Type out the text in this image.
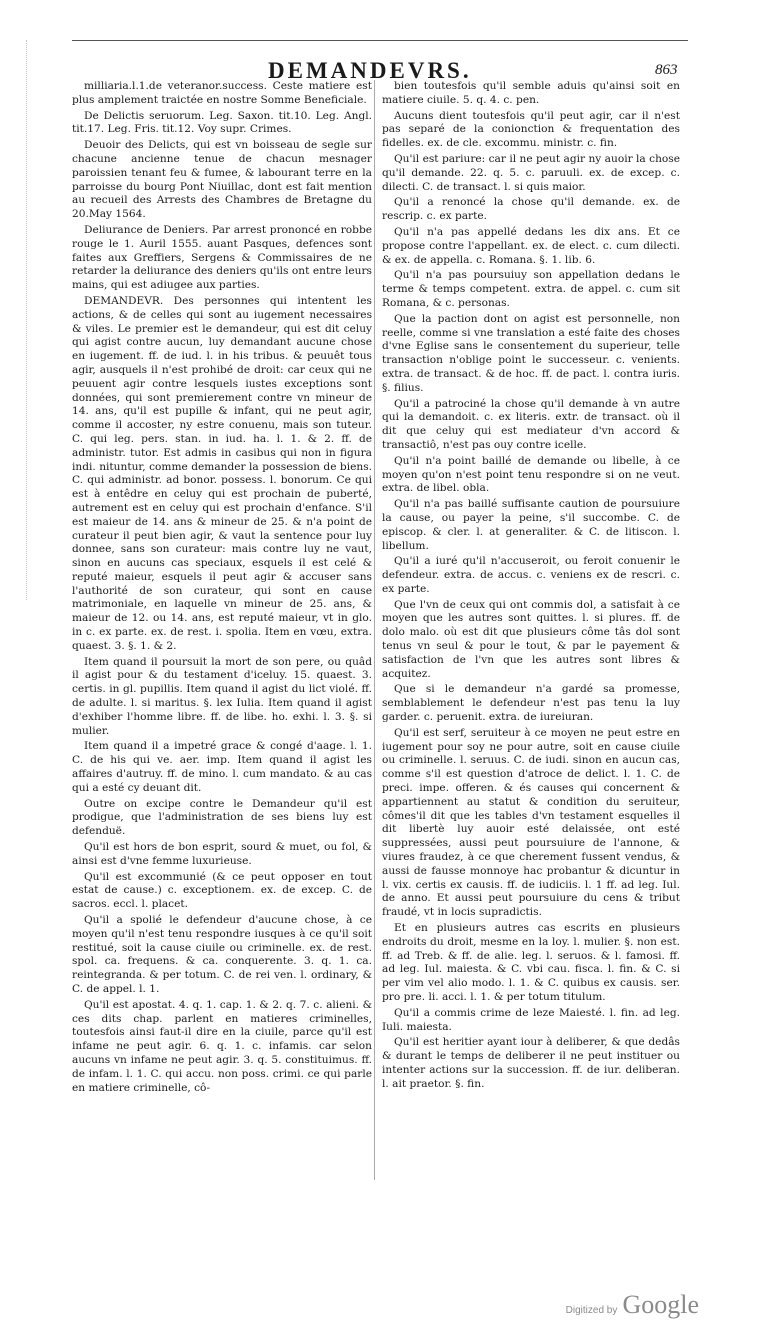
DEMANDEVRS.	863

milliaria.l.1.de veteranor.success. Ceste matiere est plus amplement traictée en nostre Somme Beneficiale.

De Delictis seruorum. Leg. Saxon. tit.10. Leg. Angl. tit.17. Leg. Fris. tit.12. Voy supr. Crimes.

Deuoir des Delicts, qui est vn boisseau de segle sur chacune ancienne tenue de chacun mesnager paroissien tenant feu & fumee, & labourant terre en la parroisse du bourg Pont Niuillac, dont est fait mention au recueil des Arrests des Chambres de Bretagne du 20.May 1564.

Deliurance de Deniers. Par arrest prononcé en robbe rouge le 1. Auril 1555. auant Pasques, defences sont faites aux Greffiers, Sergens & Commissaires de ne retarder la deliurance des deniers qu'ils ont entre leurs mains, qui est adiugee aux parties.

DEMANDEVR. Des personnes qui intentent les actions, & de celles qui sont au iugement necessaires & viles. Le premier est le demandeur, qui est dit celuy qui agist contre aucun, luy demandant aucune chose en iugement. ff. de iud. l. in his tribus. & peuuêt tous agir, ausquels il n'est prohibé de droit: car ceux qui ne peuuent agir contre lesquels iustes exceptions sont données, qui sont premierement contre vn mineur de 14. ans, qu'il est pupille & infant, qui ne peut agir, comme il accoster, ny estre conuenu, mais son tuteur. C. qui leg. pers. stan. in iud. ha. l. 1. & 2. ff. de administr. tutor. Est admis in casibus qui non in figura indi. nituntur, comme demander la possession de biens. C. qui administr. ad bonor. possess. l. bonorum. Ce qui est à entêdre en celuy qui est prochain de puberté, autrement est en celuy qui est prochain d'enfance. S'il est maieur de 14. ans & mineur de 25. & n'a point de curateur il peut bien agir, & vaut la sentence pour luy donnee, sans son curateur: mais contre luy ne vaut, sinon en aucuns cas speciaux, esquels il est celé & reputé maieur, esquels il peut agir & accuser sans l'authorité de son curateur, qui sont en cause matrimoniale, en laquelle vn mineur de 25. ans, & maieur de 12. ou 14. ans, est reputé maieur, vt in glo. in c. ex parte. ex. de rest. i. spolia. Item en vœu, extra. quaest. 3. §. 1. & 2.

Item quand il poursuit la mort de son pere, ou quâd il agist pour & du testament d'iceluy. 15. quaest. 3. certis. in gl. pupillis. Item quand il agist du lict violé. ff. de adulte. l. si maritus. §. lex Iulia. Item quand il agist d'exhiber l'homme libre. ff. de libe. ho. exhi. l. 3. §. si mulier.

Item quand il a impetré grace & congé d'aage. l. 1. C. de his qui ve. aer. imp. Item quand il agist les affaires d'autruy. ff. de mino. l. cum mandato. & au cas qui a esté cy deuant dit.

Outre on excipe contre le Demandeur qu'il est prodigue, que l'administration de ses biens luy est defenduë.

Qu'il est hors de bon esprit, sourd & muet, ou fol, & ainsi est d'vne femme luxurieuse.

Qu'il est excommunié (& ce peut opposer en tout estat de cause.) c. exceptionem. ex. de excep. C. de sacros. eccl. l. placet.

Qu'il a spolié le defendeur d'aucune chose, à ce moyen qu'il n'est tenu respondre iusques à ce qu'il soit restitué, soit la cause ciuile ou criminelle. ex. de rest. spol. ca. frequens. & ca. conquerente. 3. q. 1. ca. reintegranda. & per totum. C. de rei ven. l. ordinary, & C. de appel. l. 1.

Qu'il est apostat. 4. q. 1. cap. 1. & 2. q. 7. c. alieni. & ces dits chap. parlent en matieres criminelles, toutesfois ainsi faut-il dire en la ciuile, parce qu'il est infame ne peut agir. 6. q. 1. c. infamis. car selon aucuns vn infame ne peut agir. 3. q. 5. constituimus. ff. de infam. l. 1. C. qui accu. non poss. crimi. ce qui parle en matiere criminelle, cô-

bien toutesfois qu'il semble aduis qu'ainsi soit en matiere ciuile. 5. q. 4. c. pen.

Aucuns dient toutesfois qu'il peut agir, car il n'est pas separé de la conionction & frequentation des fidelles. ex. de cle. excommu. ministr. c. fin.

Qu'il est pariure: car il ne peut agir ny auoir la chose qu'il demande. 22. q. 5. c. paruuli. ex. de excep. c. dilecti. C. de transact. l. si quis maior.

Qu'il a renoncé la chose qu'il demande. ex. de rescrip. c. ex parte.

Qu'il n'a pas appellé dedans les dix ans. Et ce propose contre l'appellant. ex. de elect. c. cum dilecti. & ex. de appella. c. Romana. §. 1. lib. 6.

Qu'il n'a pas poursuiuy son appellation dedans le terme & temps competent. extra. de appel. c. cum sit Romana, & c. personas.

Que la paction dont on agist est personnelle, non reelle, comme si vne translation a esté faite des choses d'vne Eglise sans le consentement du superieur, telle transaction n'oblige point le successeur. c. venients. extra. de transact. & de hoc. ff. de pact. l. contra iuris. §. filius.

Qu'il a patrociné la chose qu'il demande à vn autre qui la demandoit. c. ex literis. extr. de transact. où il dit que celuy qui est mediateur d'vn accord & transactiô, n'est pas ouy contre icelle.

Qu'il n'a point baillé de demande ou libelle, à ce moyen qu'on n'est point tenu respondre si on ne veut. extra. de libel. obla.

Qu'il n'a pas baillé suffisante caution de poursuiure la cause, ou payer la peine, s'il succombe. C. de episcop. & cler. l. at generaliter. & C. de litiscon. l. libellum.

Qu'il a iuré qu'il n'accuseroit, ou feroit conuenir le defendeur. extra. de accus. c. veniens ex de rescri. c. ex parte.

Que l'vn de ceux qui ont commis dol, a satisfait à ce moyen que les autres sont quittes. l. si plures. ff. de dolo malo. où est dit que plusieurs côme tâs dol sont tenus vn seul & pour le tout, & par le payement & satisfaction de l'vn que les autres sont libres & acquitez.

Que si le demandeur n'a gardé sa promesse, semblablement le defendeur n'est pas tenu la luy garder. c. peruenit. extra. de iureiuran.

Qu'il est serf, seruiteur à ce moyen ne peut estre en iugement pour soy ne pour autre, soit en cause ciuile ou criminelle. l. seruus. C. de iudi. sinon en aucun cas, comme s'il est question d'atroce de delict. l. 1. C. de preci. impe. offeren. & és causes qui concernent & appartiennent au statut & condition du seruiteur, cômes'il dit que les tables d'vn testament esquelles il dit libertè luy auoir esté delaissée, ont esté suppressées, aussi peut poursuiure de l'annone, & viures fraudez, à ce que cherement fussent vendus, & aussi de fausse monnoye hac probantur & dicuntur in l. vix. certis ex causis. ff. de iudiciis. l. 1 ff. ad leg. Iul. de anno. Et aussi peut poursuiure du cens & tribut fraudé, vt in locis supradictis.

Et en plusieurs autres cas escrits en plusieurs endroits du droit, mesme en la loy. l. mulier. §. non est. ff. ad Treb. & ff. de alie. leg. l. seruos. & l. famosi. ff. ad leg. Iul. maiesta. & C. vbi cau. fisca. l. fin. & C. si per vim vel alio modo. l. 1. & C. quibus ex causis. ser. pro pre. li. acci. l. 1. & per totum titulum.

Qu'il a commis crime de leze Maiesté. l. fin. ad leg. Iuli. maiesta.

Qu'il est heritier ayant iour à deliberer, & que dedâs & durant le temps de deliberer il ne peut instituer ou intenter actions sur la succession. ff. de iur. deliberan. l. ait praetor. §. fin.

Digitized by Google
